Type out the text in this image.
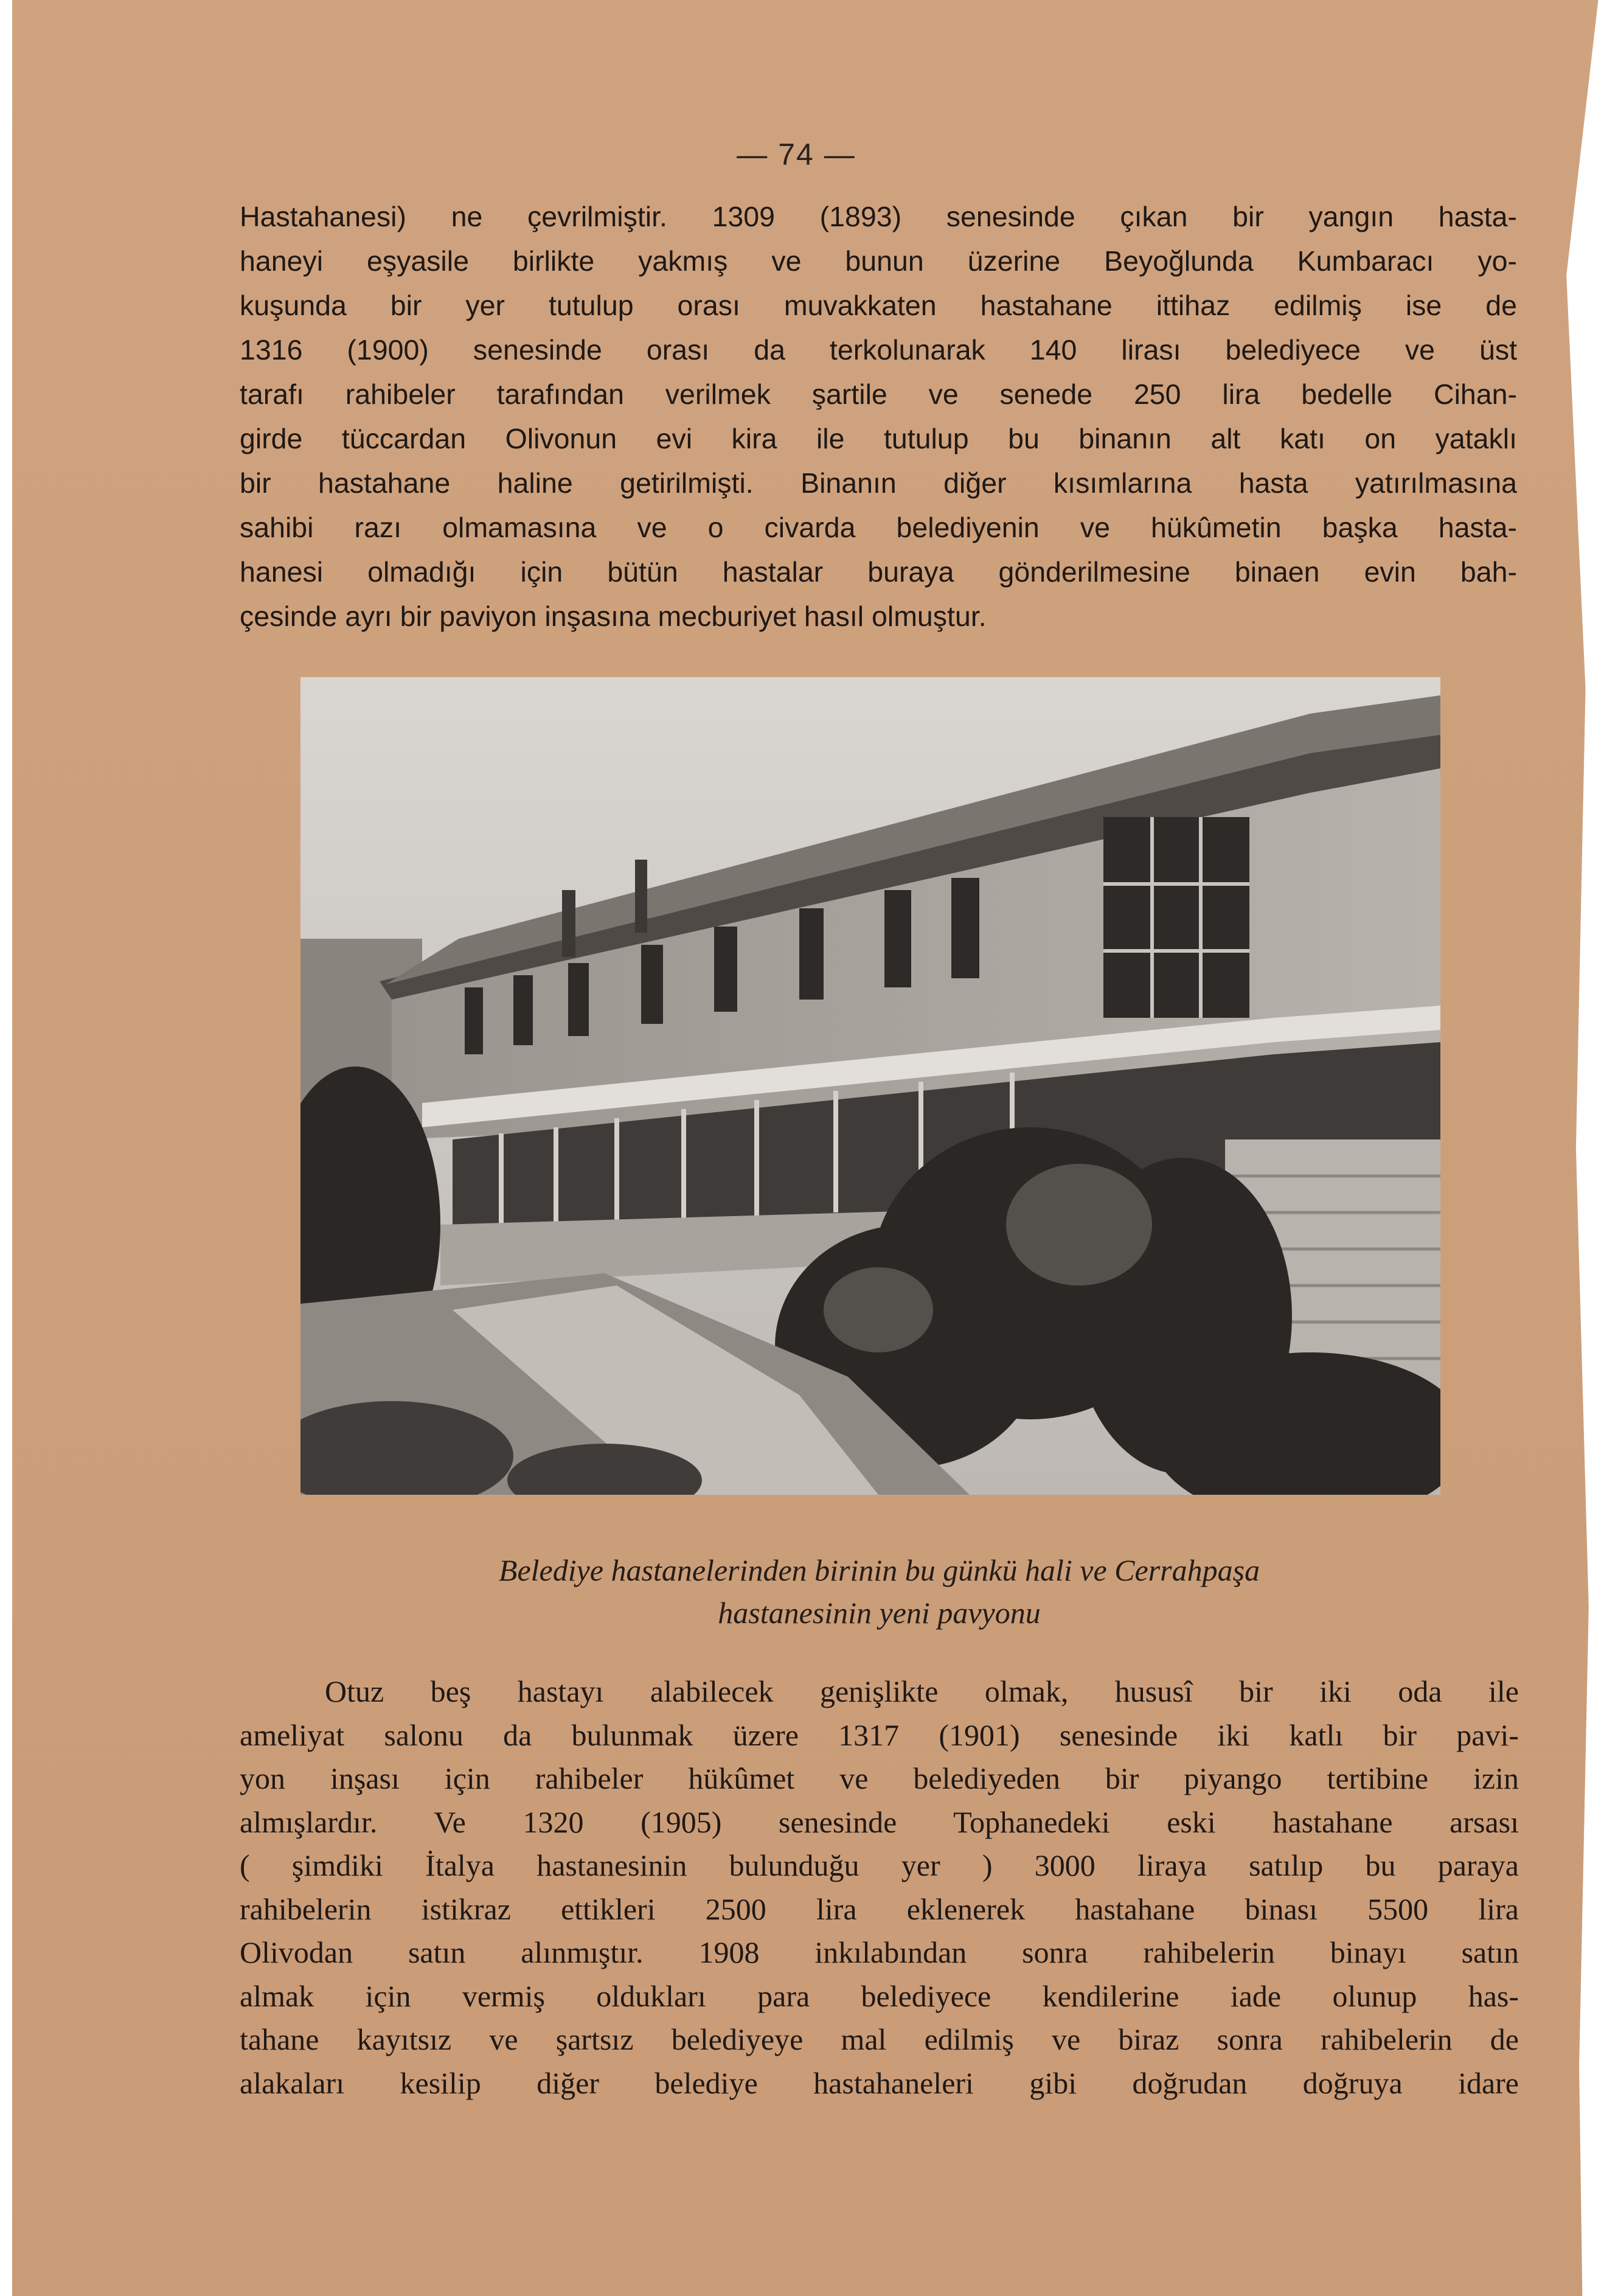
— 74 —
Hastahanesi) ne çevrilmiştir. 1309 (1893) senesinde çıkan bir yangın hasta-
haneyi eşyasile birlikte yakmış ve bunun üzerine Beyoğlunda Kumbaracı yo-
kuşunda bir yer tutulup orası muvakkaten hastahane ittihaz edilmiş ise de
1316 (1900) senesinde orası da terkolunarak 140 lirası belediyece ve üst
tarafı rahibeler tarafından verilmek şartile ve senede 250 lira bedelle Cihan-
girde tüccardan Olivonun evi kira ile tutulup bu binanın alt katı on yataklı
bir hastahane haline getirilmişti. Binanın diğer kısımlarına hasta yatırılmasına
sahibi razı olmamasına ve o civarda belediyenin ve hükûmetin başka hasta-
hanesi olmadığı için bütün hastalar buraya gönderilmesine binaen evin bah-
çesinde ayrı bir paviyon inşasına mecburiyet hasıl olmuştur.
Belediye hastanelerinden birinin bu günkü hali ve Cerrahpaşa
hastanesinin yeni pavyonu
Otuz beş hastayı alabilecek genişlikte olmak, hususî bir iki oda ile
ameliyat salonu da bulunmak üzere 1317 (1901) senesinde iki katlı bir pavi-
yon inşası için rahibeler hükûmet ve belediyeden bir piyango tertibine izin
almışlardır. Ve 1320 (1905) senesinde Tophanedeki eski hastahane arsası
( şimdiki İtalya hastanesinin bulunduğu yer ) 3000 liraya satılıp bu paraya
rahibelerin istikraz ettikleri 2500 lira eklenerek hastahane binası 5500 lira
Olivodan satın alınmıştır. 1908 inkılabından sonra rahibelerin binayı satın
almak için vermiş oldukları para belediyece kendilerine iade olunup has-
tahane kayıtsız ve şartsız belediyeye mal edilmiş ve biraz sonra rahibelerin de
alakaları kesilip diğer belediye hastahaneleri gibi doğrudan doğruya idare
